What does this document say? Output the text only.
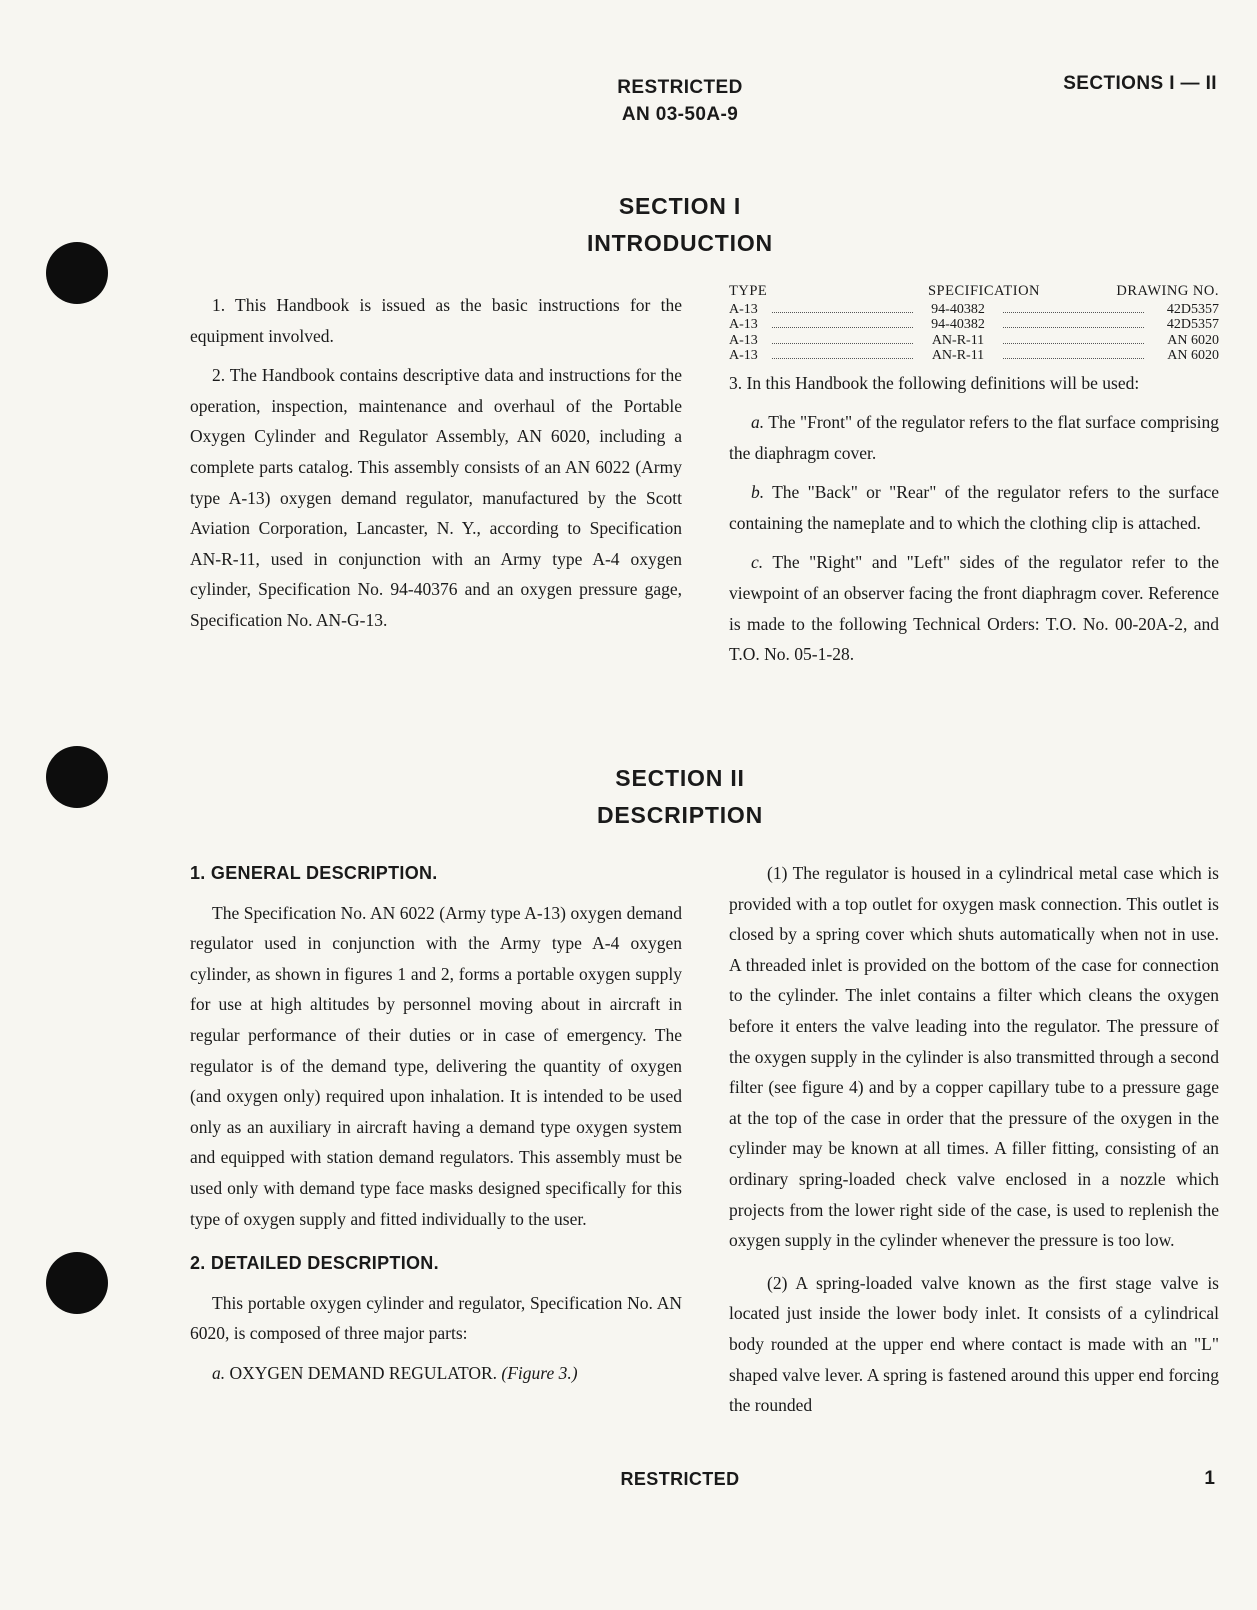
RESTRICTED
AN 03-50A-9
SECTIONS I — II
SECTION I
INTRODUCTION

1. This Handbook is issued as the basic instructions for the equipment involved.

2. The Handbook contains descriptive data and instructions for the operation, inspection, maintenance and overhaul of the Portable Oxygen Cylinder and Regulator Assembly, AN 6020, including a complete parts catalog. This assembly consists of an AN 6022 (Army type A-13) oxygen demand regulator, manufactured by the Scott Aviation Corporation, Lancaster, N. Y., according to Specification AN-R-11, used in conjunction with an Army type A-4 oxygen cylinder, Specification No. 94-40376 and an oxygen pressure gage, Specification No. AN-G-13.

TYPE	SPECIFICATION	DRAWING NO.
A-13	94-40382	42D5357
A-13	94-40382	42D5357
A-13	AN-R-11	AN 6020
A-13	AN-R-11	AN 6020

3. In this Handbook the following definitions will be used:

a. The "Front" of the regulator refers to the flat surface comprising the diaphragm cover.

b. The "Back" or "Rear" of the regulator refers to the surface containing the nameplate and to which the clothing clip is attached.

c. The "Right" and "Left" sides of the regulator refer to the viewpoint of an observer facing the front diaphragm cover. Reference is made to the following Technical Orders: T.O. No. 00-20A-2, and T.O. No. 05-1-28.

SECTION II
DESCRIPTION

1. GENERAL DESCRIPTION.

The Specification No. AN 6022 (Army type A-13) oxygen demand regulator used in conjunction with the Army type A-4 oxygen cylinder, as shown in figures 1 and 2, forms a portable oxygen supply for use at high altitudes by personnel moving about in aircraft in regular performance of their duties or in case of emergency. The regulator is of the demand type, delivering the quantity of oxygen (and oxygen only) required upon inhalation. It is intended to be used only as an auxiliary in aircraft having a demand type oxygen system and equipped with station demand regulators. This assembly must be used only with demand type face masks designed specifically for this type of oxygen supply and fitted individually to the user.

2. DETAILED DESCRIPTION.

This portable oxygen cylinder and regulator, Specification No. AN 6020, is composed of three major parts:

a. OXYGEN DEMAND REGULATOR. (Figure 3.)

(1) The regulator is housed in a cylindrical metal case which is provided with a top outlet for oxygen mask connection. This outlet is closed by a spring cover which shuts automatically when not in use. A threaded inlet is provided on the bottom of the case for connection to the cylinder. The inlet contains a filter which cleans the oxygen before it enters the valve leading into the regulator. The pressure of the oxygen supply in the cylinder is also transmitted through a second filter (see figure 4) and by a copper capillary tube to a pressure gage at the top of the case in order that the pressure of the oxygen in the cylinder may be known at all times. A filler fitting, consisting of an ordinary spring-loaded check valve enclosed in a nozzle which projects from the lower right side of the case, is used to replenish the oxygen supply in the cylinder whenever the pressure is too low.

(2) A spring-loaded valve known as the first stage valve is located just inside the lower body inlet. It consists of a cylindrical body rounded at the upper end where contact is made with an "L" shaped valve lever. A spring is fastened around this upper end forcing the rounded

RESTRICTED	1
